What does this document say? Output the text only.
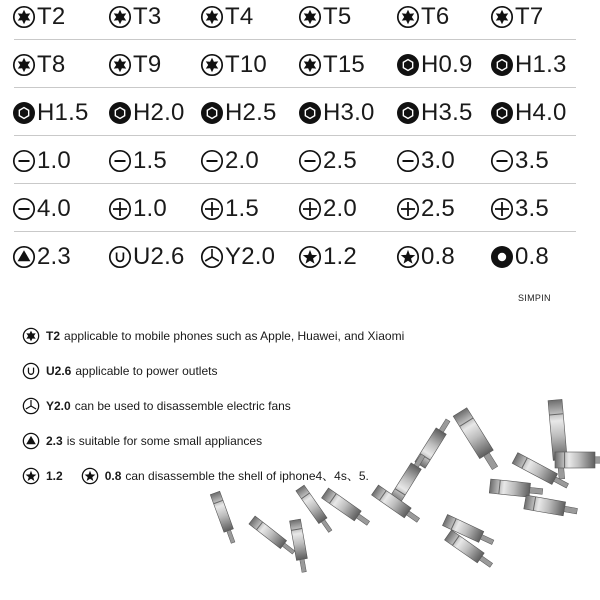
T2	T3	T4	T5	T6	T7
T8	T9	T10 T15 H0.9 H1.3
H1.5 H2.0 H2.5 H3.0 H3.5 H4.0
1.0	1.5 2.0	2.5	3.0	3.5
4.0	1.0 1.5	2.0	2.5	3.5
2.3	U2.6 Y2.0 1.2	0.8	0.8
SIMPIN
T2 applicable to mobile phones such as Apple, Huawei, and Xiaomi
U2.6 applicable to power outlets
Y2.0 can be used to disassemble electric fans
2.3 is suitable for some small appliances
1.2	0.8 can disassemble the shell of iphone4、4s、5.
